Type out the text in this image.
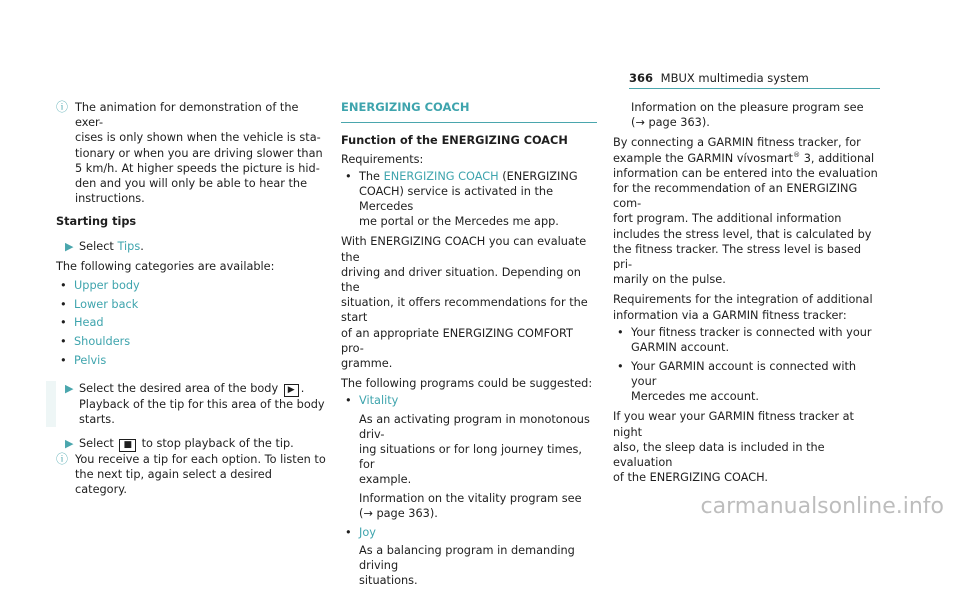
366 MBUX multimedia system
ⓘ The animation for demonstration of the exer-
cises is only shown when the vehicle is sta-
tionary or when you are driving slower than
5 km/h. At higher speeds the picture is hid-
den and you will only be able to hear the
instructions.
Starting tips
▶ Select Tips.
The following categories are available:
• Upper body
• Lower back
• Head
• Shoulders
• Pelvis
▶ Select the desired area of the body ▶ .
Playback of the tip for this area of the body
starts.
▶ Select ■ to stop playback of the tip.
ⓘ You receive a tip for each option. To listen to
the next tip, again select a desired category.
ENERGIZING COACH
Function of the ENERGIZING COACH
Requirements:
• The ENERGIZING COACH (ENERGIZING
COACH) service is activated in the Mercedes
me portal or the Mercedes me app.
With ENERGIZING COACH you can evaluate the
driving and driver situation. Depending on the
situation, it offers recommendations for the start
of an appropriate ENERGIZING COMFORT pro-
gramme.
The following programs could be suggested:
• Vitality
As an activating program in monotonous driv-
ing situations or for long journey times, for
example.
Information on the vitality program see
(→ page 363).
• Joy
As a balancing program in demanding driving
situations.
Information on the pleasure program see
(→ page 363).
By connecting a GARMIN fitness tracker, for
example the GARMIN vívosmart® 3, additional
information can be entered into the evaluation
for the recommendation of an ENERGIZING com-
fort program. The additional information
includes the stress level, that is calculated by
the fitness tracker. The stress level is based pri-
marily on the pulse.
Requirements for the integration of additional
information via a GARMIN fitness tracker:
• Your fitness tracker is connected with your
GARMIN account.
• Your GARMIN account is connected with your
Mercedes me account.
If you wear your GARMIN fitness tracker at night
also, the sleep data is included in the evaluation
of the ENERGIZING COACH.
carmanualsonline.info
